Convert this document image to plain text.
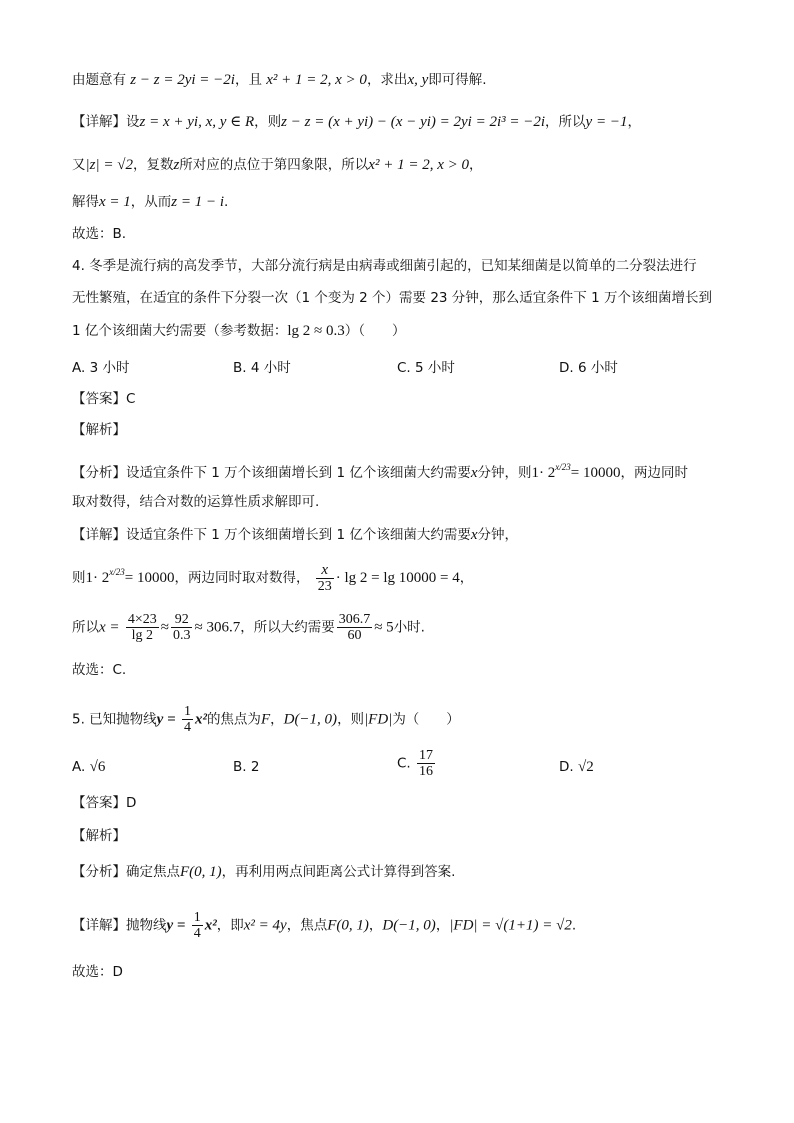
由题意有 z − z = 2yi = −2i，且 x² + 1 = 2, x > 0，求出x, y即可得解.
【详解】设z = x + yi, x, y ∈ R，则z − z = (x + yi) − (x − yi) = 2yi = 2i³ = −2i，所以y = −1，
又|z| = √2，复数z所对应的点位于第四象限，所以x² + 1 = 2, x > 0，
解得x = 1，从而z = 1 − i.
故选：B.
4. 冬季是流行病的高发季节，大部分流行病是由病毒或细菌引起的，已知某细菌是以简单的二分裂法进行
无性繁殖，在适宜的条件下分裂一次（1 个变为 2 个）需要 23 分钟，那么适宜条件下 1 万个该细菌增长到
1 亿个该细菌大约需要（参考数据：lg 2 ≈ 0.3）（　　）
A. 3 小时	B. 4 小时	C. 5 小时	D. 6 小时
【答案】C
【解析】
【分析】设适宜条件下 1 万个该细菌增长到 1 亿个该细菌大约需要x分钟，则$1\cdot 2^{x/23}= 10000$，两边同时
取对数得，结合对数的运算性质求解即可.
【详解】设适宜条件下 1 万个该细菌增长到 1 亿个该细菌大约需要x分钟，
则$1\cdot 2^{x/23}= 10000$，两边同时取对数得， $\frac{x}{23} \cdot \lg 2 = \lg 10000 = 4$，
所以$x = \frac{4\times 23}{\lg 2} \approx \frac{92}{0.3} \approx 306.7$，所以大约需要 $\frac{306.7}{60} \approx 5$小时.
故选：C.
5. 已知抛物线$y = \frac{1}{4} x^2$的焦点为F，D(−1, 0)，则|FD|为（　　）
A. √6	B. 2	C. $\frac{17}{16}$	D. √2
【答案】D
【解析】
【分析】确定焦点F(0, 1)，再利用两点间距离公式计算得到答案.
【详解】抛物线$y = \frac{1}{4} x^2$，即x² = 4y，焦点F(0, 1)，D(−1, 0)，|FD| = √(1+1) = √2.
故选：D
